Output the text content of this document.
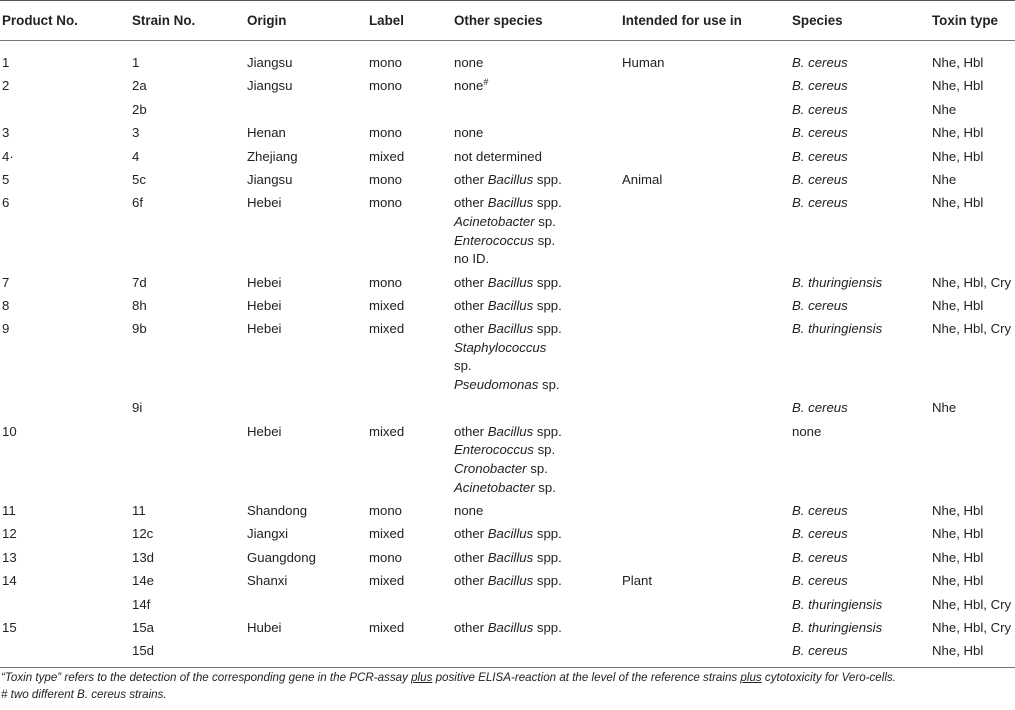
Product No.	Strain No.	Origin	Label	Other species	Intended for use in	Species	Toxin type
1	1	Jiangsu	mono	none	Human	B. cereus	Nhe, Hbl
2	2a	Jiangsu	mono	none#		B. cereus	Nhe, Hbl
	2b					B. cereus	Nhe
3	3	Henan	mono	none		B. cereus	Nhe, Hbl
4·	4	Zhejiang	mixed	not determined		B. cereus	Nhe, Hbl
5	5c	Jiangsu	mono	other Bacillus spp.	Animal	B. cereus	Nhe
6	6f	Hebei	mono	other Bacillus spp.
Acinetobacter sp.
Enterococcus sp.
no ID.		B. cereus	Nhe, Hbl
7	7d	Hebei	mono	other Bacillus spp.		B. thuringiensis	Nhe, Hbl, Cry
8	8h	Hebei	mixed	other Bacillus spp.		B. cereus	Nhe, Hbl
9	9b	Hebei	mixed	other Bacillus spp.
Staphylococcus
sp.
Pseudomonas sp.		B. thuringiensis	Nhe, Hbl, Cry
	9i					B. cereus	Nhe
10		Hebei	mixed	other Bacillus spp.
Enterococcus sp.
Cronobacter sp.
Acinetobacter sp.		none	
11	11	Shandong	mono	none		B. cereus	Nhe, Hbl
12	12c	Jiangxi	mixed	other Bacillus spp.		B. cereus	Nhe, Hbl
13	13d	Guangdong	mono	other Bacillus spp.		B. cereus	Nhe, Hbl
14	14e	Shanxi	mixed	other Bacillus spp.	Plant	B. cereus	Nhe, Hbl
	14f					B. thuringiensis	Nhe, Hbl, Cry
15	15a	Hubei	mixed	other Bacillus spp.		B. thuringiensis	Nhe, Hbl, Cry
	15d					B. cereus	Nhe, Hbl
“Toxin type” refers to the detection of the corresponding gene in the PCR-assay plus positive ELISA-reaction at the level of the reference strains plus cytotoxicity for Vero-cells.
# two different B. cereus strains.
